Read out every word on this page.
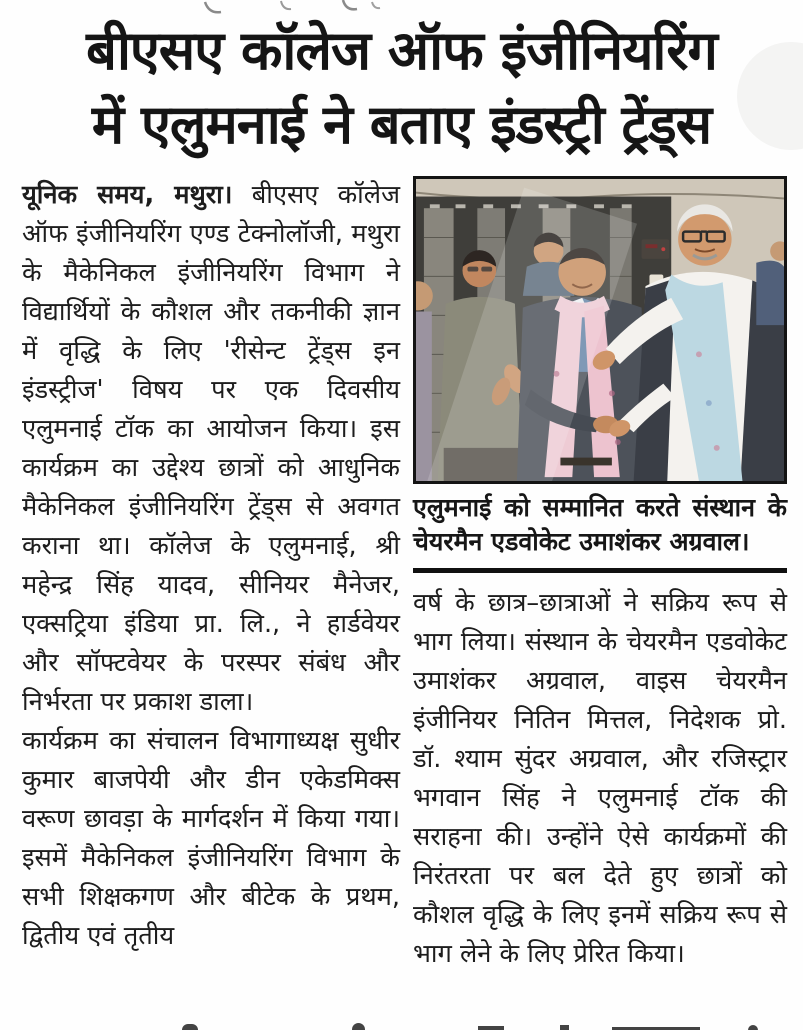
बीएसए कॉलेज ऑफ इंजीनियरिंग
में एलुमनाई ने बताए इंडस्ट्री ट्रेंड्स

यूनिक समय, मथुरा। बीएसए कॉलेज ऑफ इंजीनियरिंग एण्ड टेक्नोलॉजी, मथुरा के मैकेनिकल इंजीनियरिंग विभाग ने विद्यार्थियों के कौशल और तकनीकी ज्ञान में वृद्धि के लिए 'रीसेन्ट ट्रेंड्स इन इंडस्ट्रीज' विषय पर एक दिवसीय एलुमनाई टॉक का आयोजन किया। इस कार्यक्रम का उद्देश्य छात्रों को आधुनिक मैकेनिकल इंजीनियरिंग ट्रेंड्स से अवगत कराना था। कॉलेज के एलुमनाई, श्री महेन्द्र सिंह यादव, सीनियर मैनेजर, एक्सट्रिया इंडिया प्रा. लि., ने हार्डवेयर और सॉफ्टवेयर के परस्पर संबंध और निर्भरता पर प्रकाश डाला।

कार्यक्रम का संचालन विभागाध्यक्ष सुधीर कुमार बाजपेयी और डीन एकेडमिक्स वरूण छावड़ा के मार्गदर्शन में किया गया। इसमें मैकेनिकल इंजीनियरिंग विभाग के सभी शिक्षकगण और बीटेक के प्रथम, द्वितीय एवं तृतीय

एलुमनाई को सम्मानित करते संस्थान के चेयरमैन एडवोकेट उमाशंकर अग्रवाल।

वर्ष के छात्र–छात्राओं ने सक्रिय रूप से भाग लिया। संस्थान के चेयरमैन एडवोकेट उमाशंकर अग्रवाल, वाइस चेयरमैन इंजीनियर नितिन मित्तल, निदेशक प्रो. डॉ. श्याम सुंदर अग्रवाल, और रजिस्ट्रार भगवान सिंह ने एलुमनाई टॉक की सराहना की। उन्होंने ऐसे कार्यक्रमों की निरंतरता पर बल देते हुए छात्रों को कौशल वृद्धि के लिए इनमें सक्रिय रूप से भाग लेने के लिए प्रेरित किया।
